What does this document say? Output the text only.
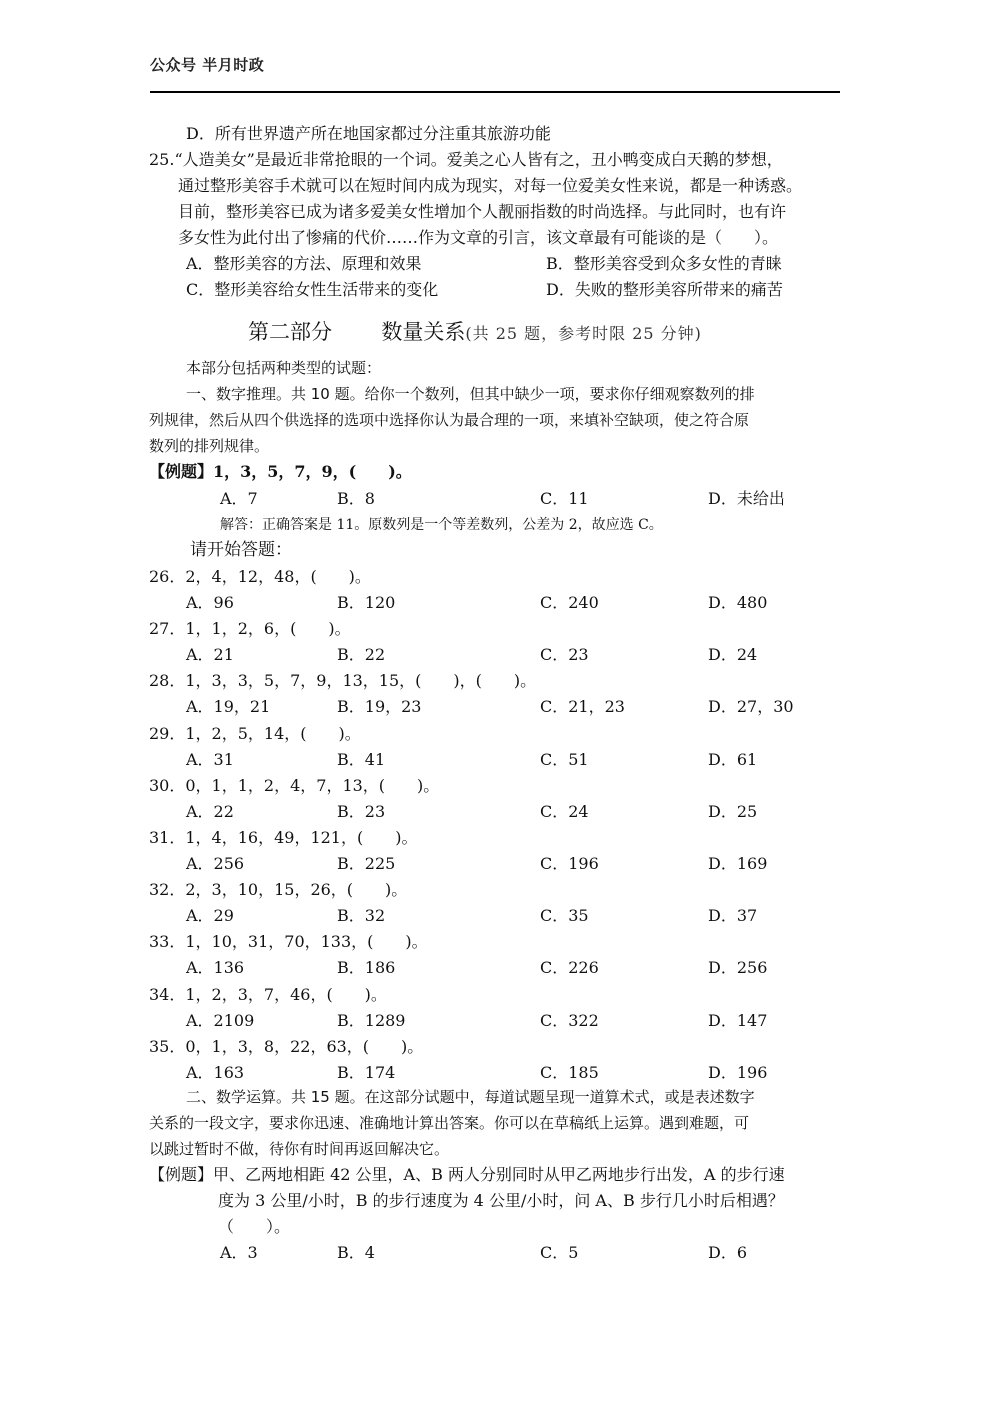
公众号 半月时政
D．所有世界遗产所在地国家都过分注重其旅游功能
25.“人造美女”是最近非常抢眼的一个词。爱美之心人皆有之，丑小鸭变成白天鹅的梦想，
通过整形美容手术就可以在短时间内成为现实，对每一位爱美女性来说，都是一种诱惑。
目前，整形美容已成为诸多爱美女性增加个人靓丽指数的时尚选择。与此同时，也有许
多女性为此付出了惨痛的代价……作为文章的引言，该文章最有可能谈的是（　　）。
A．整形美容的方法、原理和效果	B．整形美容受到众多女性的青睐
C．整形美容给女性生活带来的变化	D．失败的整形美容所带来的痛苦
第二部分 数量关系(共 25 题，参考时限 25 分钟)
本部分包括两种类型的试题：
一、数字推理。共 10 题。给你一个数列，但其中缺少一项，要求你仔细观察数列的排
列规律，然后从四个供选择的选项中选择你认为最合理的一项，来填补空缺项，使之符合原
数列的排列规律。
【例题】1，3，5，7，9，(　　)。
A．7	B．8	C．11	D．未给出
解答：正确答案是 11。原数列是一个等差数列，公差为 2，故应选 C。
请开始答题：
26．2，4，12，48，(　　)。
A．96	B．120	C．240	D．480
27．1，1，2，6，(　　)。
A．21	B．22	C．23	D．24
28．1，3，3，5，7，9，13，15，(　　)，(　　)。
A．19，21	B．19，23	C．21，23	D．27，30
29．1，2，5，14，(　　)。
A．31	B．41	C．51	D．61
30．0，1，1，2，4，7，13，(　　)。
A．22	B．23	C．24	D．25
31．1，4，16，49，121，(　　)。
A．256	B．225	C．196	D．169
32．2，3，10，15，26，(　　)。
A．29	B．32	C．35	D．37
33．1，10，31，70，133，(　　)。
A．136	B．186	C．226	D．256
34．1，2，3，7，46，(　　)。
A．2109	B．1289	C．322	D．147
35．0，1，3，8，22，63，(　　)。
A．163	B．174	C．185	D．196
二、数学运算。共 15 题。在这部分试题中，每道试题呈现一道算术式，或是表述数字
关系的一段文字，要求你迅速、准确地计算出答案。你可以在草稿纸上运算。遇到难题，可
以跳过暂时不做，待你有时间再返回解决它。
【例题】甲、乙两地相距 42 公里，A、B 两人分别同时从甲乙两地步行出发，A 的步行速
度为 3 公里/小时，B 的步行速度为 4 公里/小时，问 A、B 步行几小时后相遇？
（　　）。
A．3	B．4	C．5	D．6
